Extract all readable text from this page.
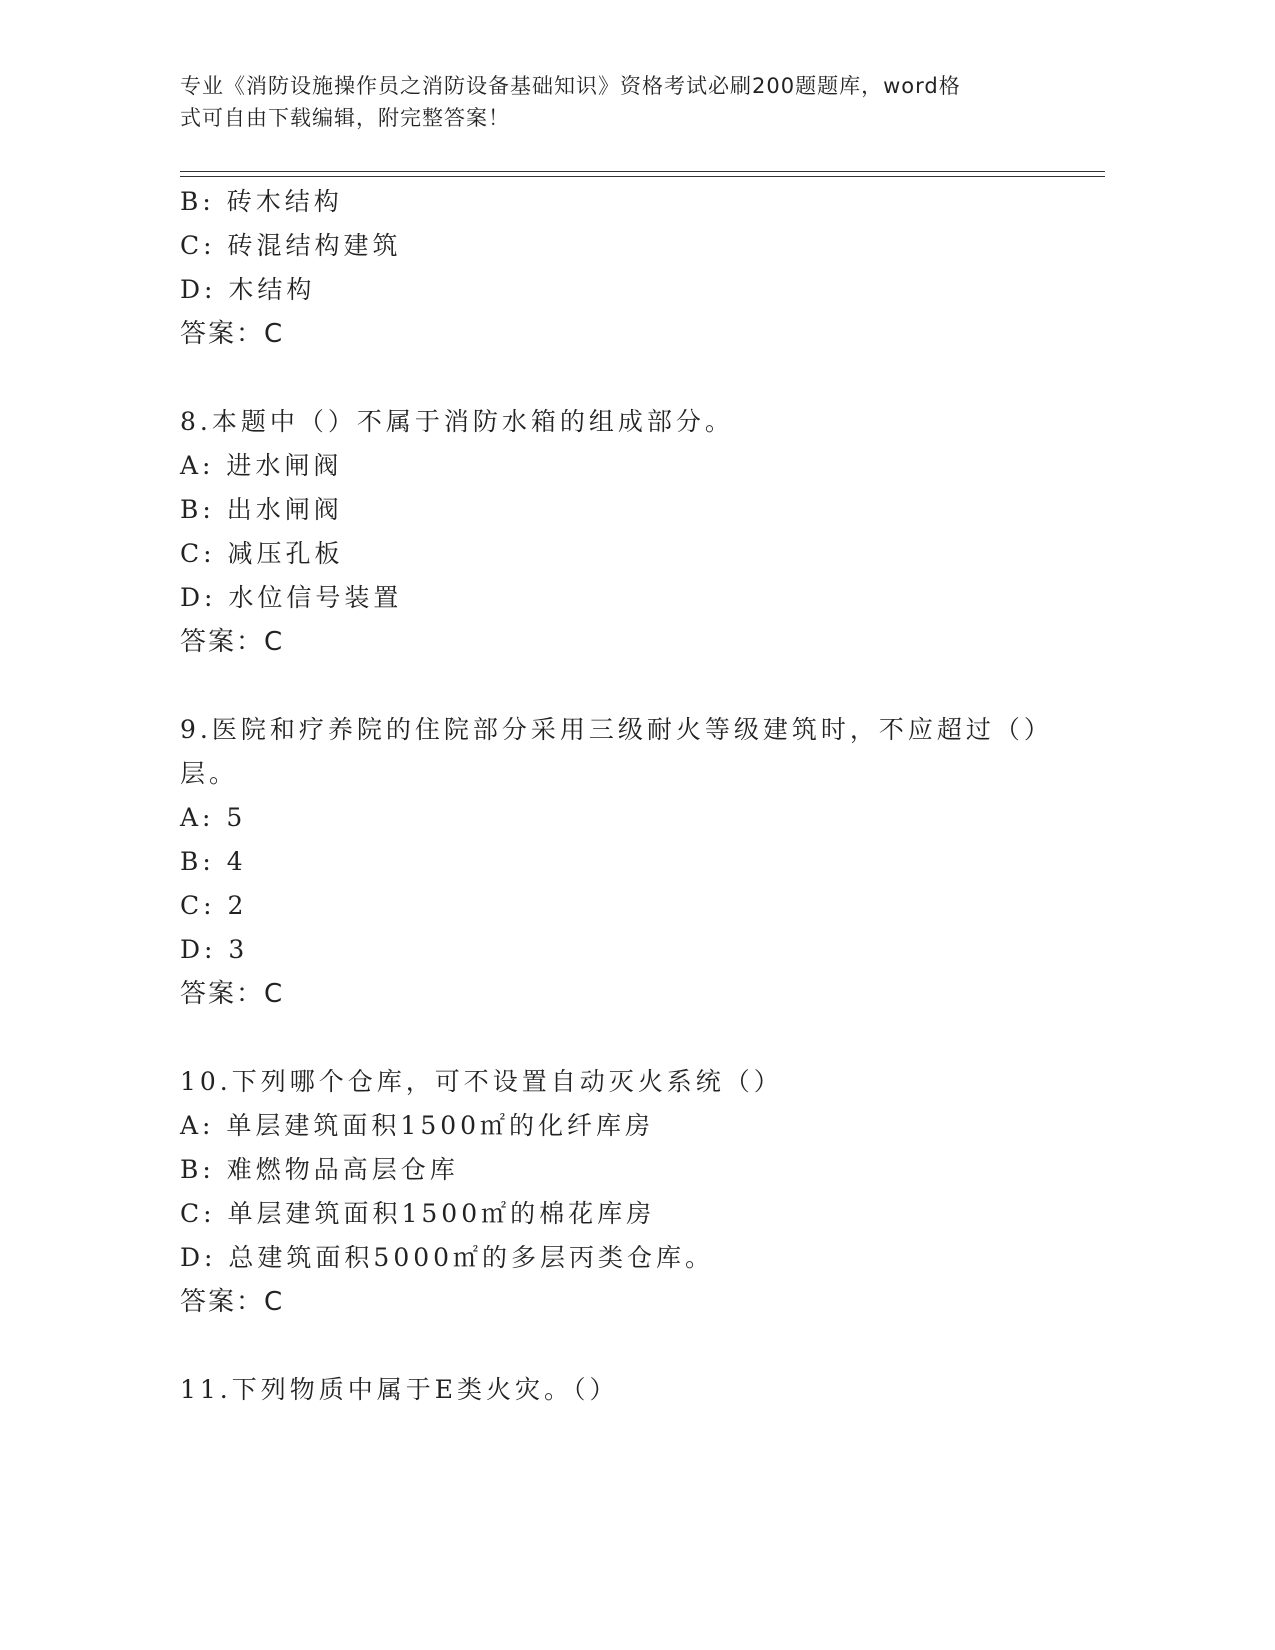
专业《消防设施操作员之消防设备基础知识》资格考试必刷200题题库，word格
式可自由下载编辑，附完整答案！
B: 砖木结构
C: 砖混结构建筑
D: 木结构
答案：C
8.本题中（）不属于消防水箱的组成部分。
A: 进水闸阀
B: 出水闸阀
C: 减压孔板
D: 水位信号装置
答案：C
9.医院和疗养院的住院部分采用三级耐火等级建筑时，不应超过（）
层。
A: 5
B: 4
C: 2
D: 3
答案：C
10.下列哪个仓库，可不设置自动灭火系统（）
A: 单层建筑面积1500㎡的化纤库房
B: 难燃物品高层仓库
C: 单层建筑面积1500㎡的棉花库房
D: 总建筑面积5000㎡的多层丙类仓库。
答案：C
11.下列物质中属于E类火灾。（）
